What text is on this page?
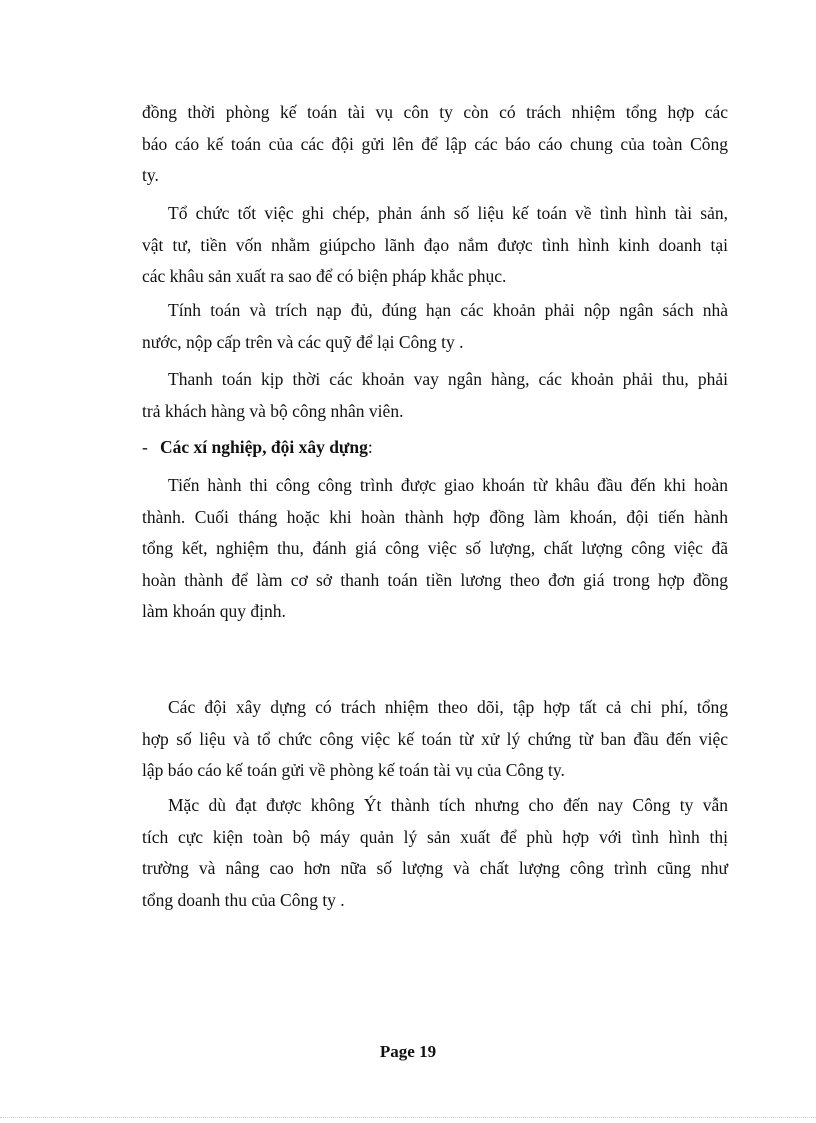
đồng thời phòng kế toán tài vụ côn ty còn có trách nhiệm tổng hợp các
báo cáo kế toán của các đội gửi lên để lập các báo cáo chung của toàn Công
ty.

Tổ chức tốt việc ghi chép, phản ánh số liệu kế toán về tình hình tài sản,
vật tư, tiền vốn nhằm giúpcho lãnh đạo nắm được tình hình kinh doanh tại
các khâu sản xuất ra sao để có biện pháp khắc phục.

Tính toán và trích nạp đủ, đúng hạn các khoản phải nộp ngân sách nhà
nước, nộp cấp trên và các quỹ để lại Công ty .

Thanh toán kịp thời các khoản vay ngân hàng, các khoản phải thu, phải
trả khách hàng và bộ công nhân viên.

- Các xí nghiệp, đội xây dựng:

Tiến hành thi công công trình được giao khoán từ khâu đầu đến khi hoàn
thành. Cuối tháng hoặc khi hoàn thành hợp đồng làm khoán, đội tiến hành
tổng kết, nghiệm thu, đánh giá công việc số lượng, chất lượng công việc đã
hoàn thành để làm cơ sở thanh toán tiền lương theo đơn giá trong hợp đồng
làm khoán quy định.

Các đội xây dựng có trách nhiệm theo dõi, tập hợp tất cả chi phí, tổng
hợp số liệu và tổ chức công việc kế toán từ xử lý chứng từ ban đầu đến việc
lập báo cáo kế toán gửi về phòng kế toán tài vụ của Công ty.

Mặc dù đạt được không Ýt thành tích nhưng cho đến nay Công ty vẫn
tích cực kiện toàn bộ máy quản lý sản xuất để phù hợp với tình hình thị
trường và nâng cao hơn nữa số lượng và chất lượng công trình cũng như
tổng doanh thu của Công ty .

Page 19
